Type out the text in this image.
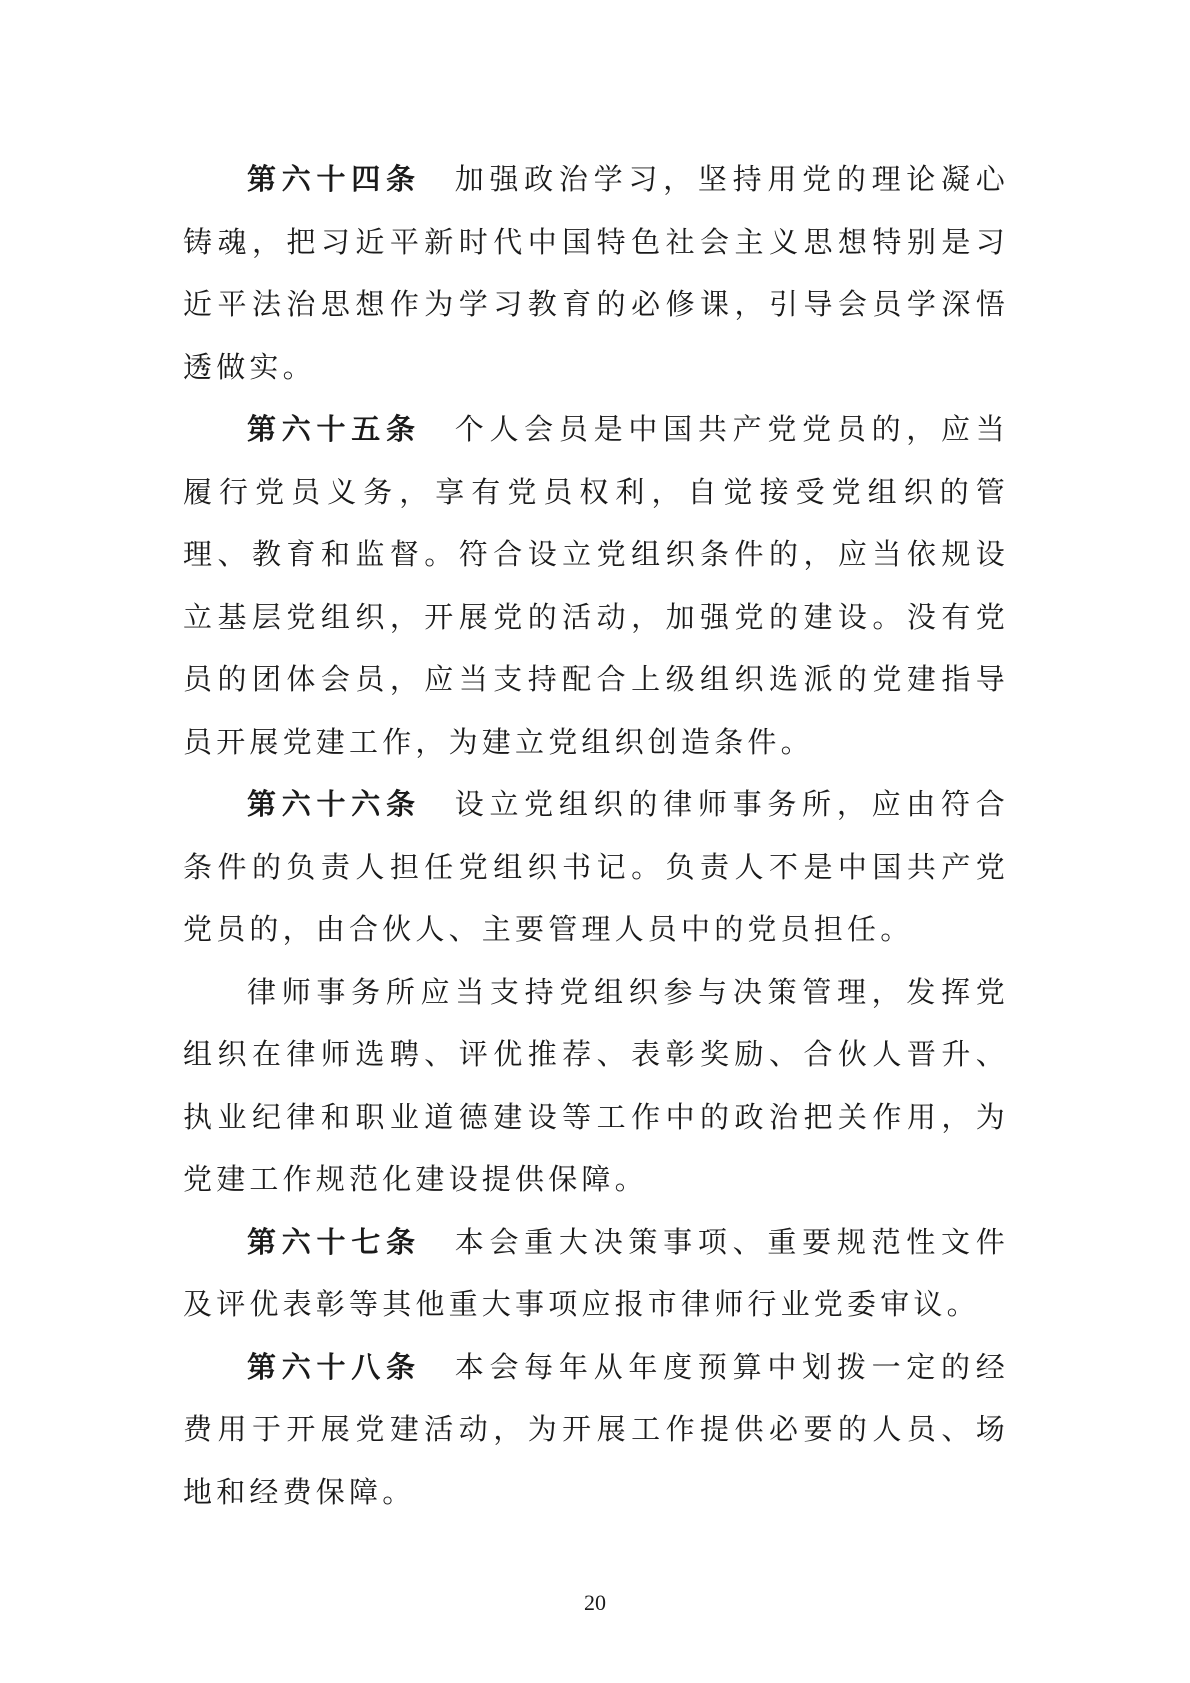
第六十四条 加强政治学习，坚持用党的理论凝心铸魂，把习近平新时代中国特色社会主义思想特别是习近平法治思想作为学习教育的必修课，引导会员学深悟透做实。

第六十五条 个人会员是中国共产党党员的，应当履行党员义务，享有党员权利，自觉接受党组织的管理、教育和监督。符合设立党组织条件的，应当依规设立基层党组织，开展党的活动，加强党的建设。没有党员的团体会员，应当支持配合上级组织选派的党建指导员开展党建工作，为建立党组织创造条件。

第六十六条 设立党组织的律师事务所，应由符合条件的负责人担任党组织书记。负责人不是中国共产党党员的，由合伙人、主要管理人员中的党员担任。

律师事务所应当支持党组织参与决策管理，发挥党组织在律师选聘、评优推荐、表彰奖励、合伙人晋升、执业纪律和职业道德建设等工作中的政治把关作用，为党建工作规范化建设提供保障。

第六十七条 本会重大决策事项、重要规范性文件及评优表彰等其他重大事项应报市律师行业党委审议。

第六十八条 本会每年从年度预算中划拨一定的经费用于开展党建活动，为开展工作提供必要的人员、场地和经费保障。

20
